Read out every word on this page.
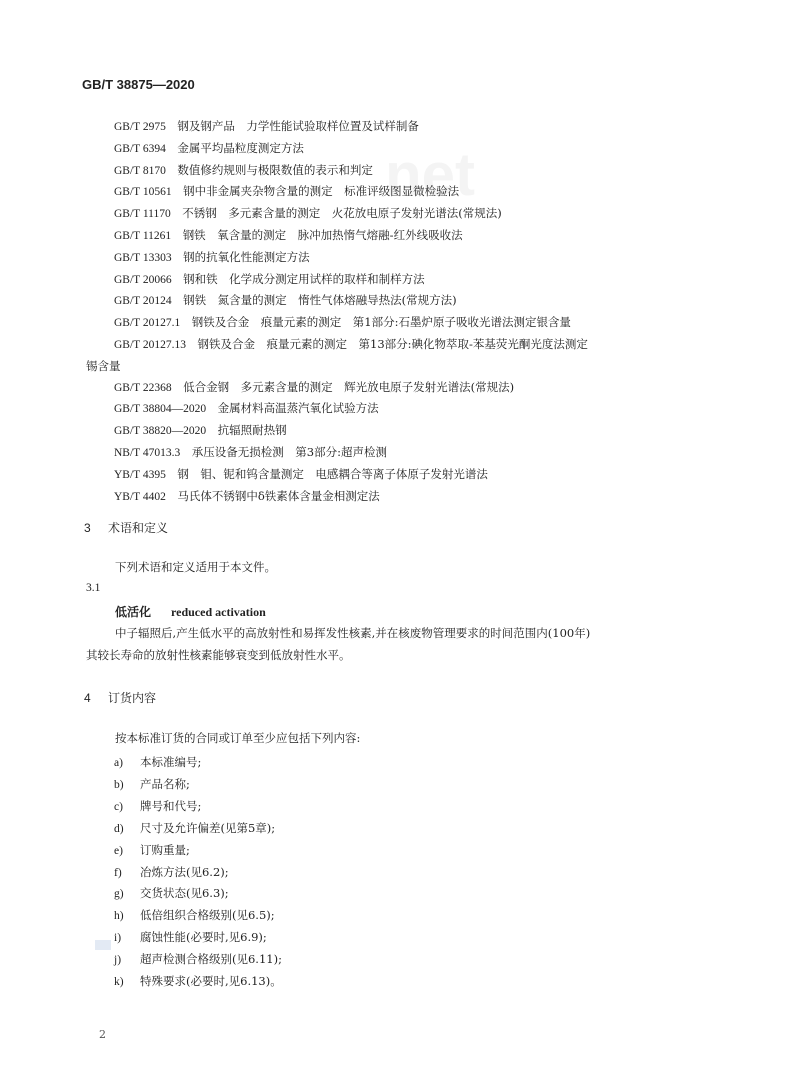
GB/T 38875—2020
net
GB/T 2975　 钢及钢产品　力学性能试验取样位置及试样制备
GB/T 6394　 金属平均晶粒度测定方法
GB/T 8170　 数值修约规则与极限数值的表示和判定
GB/T 10561　 钢中非金属夹杂物含量的测定　标准评级图显微检验法
GB/T 11170　 不锈钢　多元素含量的测定　火花放电原子发射光谱法(常规法)
GB/T 11261　 钢铁　氧含量的测定　脉冲加热惰气熔融-红外线吸收法
GB/T 13303　 钢的抗氧化性能测定方法
GB/T 20066　 钢和铁　化学成分测定用试样的取样和制样方法
GB/T 20124　 钢铁　氮含量的测定　惰性气体熔融导热法(常规方法)
GB/T 20127.1　 钢铁及合金　痕量元素的测定　第1部分:石墨炉原子吸收光谱法测定银含量
GB/T 20127.13　 钢铁及合金　痕量元素的测定　第13部分:碘化物萃取-苯基荧光酮光度法测定
锡含量
GB/T 22368　 低合金钢　多元素含量的测定　辉光放电原子发射光谱法(常规法)
GB/T 38804—2020　 金属材料高温蒸汽氧化试验方法
GB/T 38820—2020　 抗辐照耐热钢
NB/T 47013.3　 承压设备无损检测　第3部分:超声检测
YB/T 4395　 钢　钼、铌和钨含量测定　电感耦合等离子体原子发射光谱法
YB/T 4402　 马氏体不锈钢中δ铁素体含量金相测定法
3 术语和定义
下列术语和定义适用于本文件。
3.1
低活化 reduced activation
中子辐照后,产生低水平的高放射性和易挥发性核素,并在核废物管理要求的时间范围内(100年)
其较长寿命的放射性核素能够衰变到低放射性水平。
4 订货内容
按本标准订货的合同或订单至少应包括下列内容:
a) 本标准编号;
b) 产品名称;
c) 牌号和代号;
d) 尺寸及允许偏差(见第5章);
e) 订购重量;
f) 冶炼方法(见6.2);
g) 交货状态(见6.3);
h) 低倍组织合格级别(见6.5);
i) 腐蚀性能(必要时,见6.9);
j) 超声检测合格级别(见6.11);
k) 特殊要求(必要时,见6.13)。
2
